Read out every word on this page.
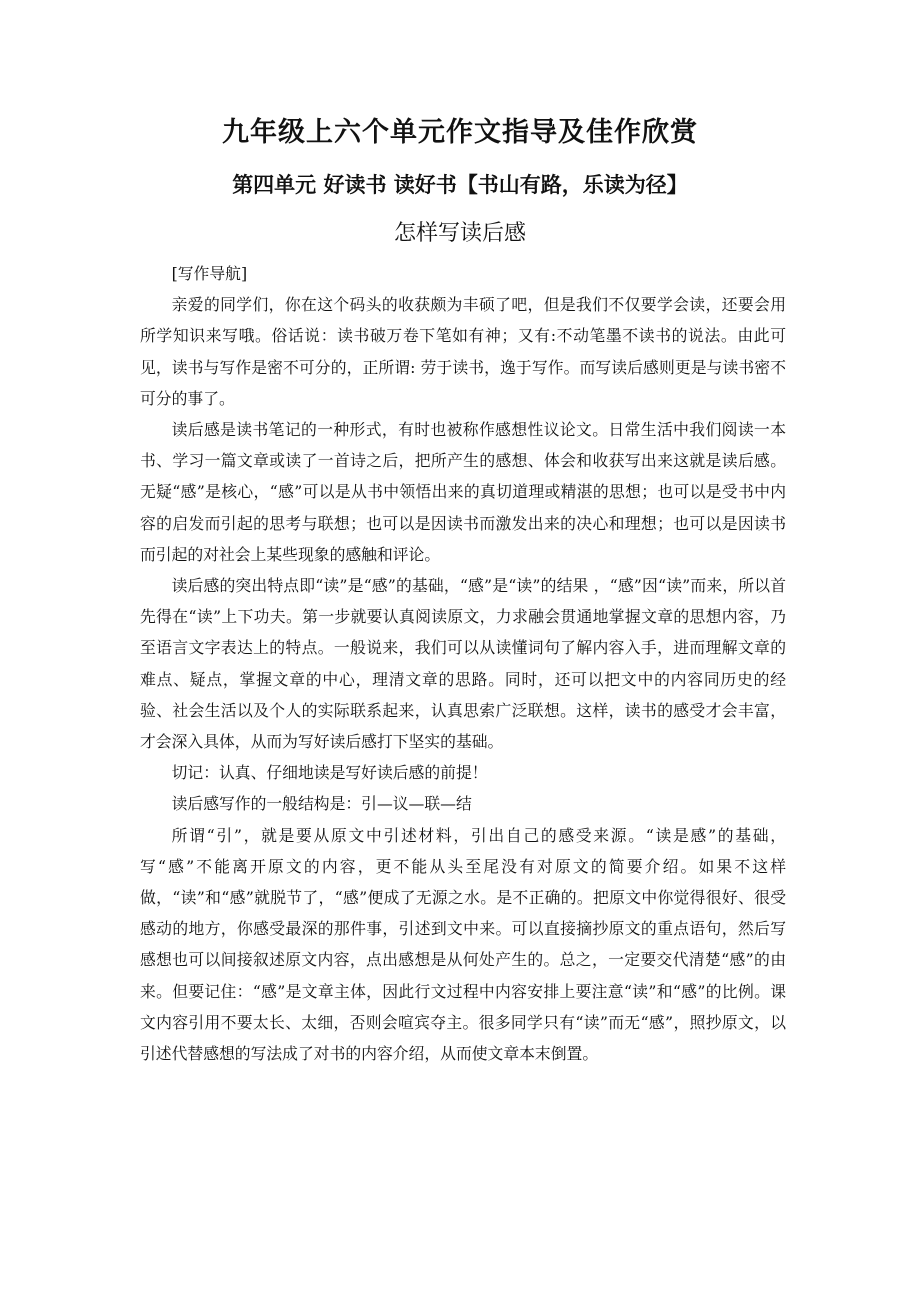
九年级上六个单元作文指导及佳作欣赏
第四单元 好读书 读好书【书山有路，乐读为径】
怎样写读后感

[写作导航]

亲爱的同学们，你在这个码头的收获颇为丰硕了吧，但是我们不仅要学会读，还要会用所学知识来写哦。俗话说：读书破万卷下笔如有神；又有:不动笔墨不读书的说法。由此可见，读书与写作是密不可分的，正所谓: 劳于读书，逸于写作。而写读后感则更是与读书密不可分的事了。

读后感是读书笔记的一种形式，有时也被称作感想性议论文。日常生活中我们阅读一本书、学习一篇文章或读了一首诗之后，把所产生的感想、体会和收获写出来这就是读后感。无疑“感”是核心，“感”可以是从书中领悟出来的真切道理或精湛的思想；也可以是受书中内容的启发而引起的思考与联想；也可以是因读书而激发出来的决心和理想；也可以是因读书而引起的对社会上某些现象的感触和评论。

读后感的突出特点即“读”是“感”的基础，“感”是“读”的结果 ，“感”因“读”而来，所以首先得在“读”上下功夫。第一步就要认真阅读原文，力求融会贯通地掌握文章的思想内容，乃至语言文字表达上的特点。一般说来，我们可以从读懂词句了解内容入手，进而理解文章的难点、疑点，掌握文章的中心，理清文章的思路。同时，还可以把文中的内容同历史的经验、社会生活以及个人的实际联系起来，认真思索广泛联想。这样，读书的感受才会丰富，才会深入具体，从而为写好读后感打下坚实的基础。

切记：认真、仔细地读是写好读后感的前提！

读后感写作的一般结构是：引—议—联—结

所谓“引”，就是要从原文中引述材料，引出自己的感受来源。“读是感”的基础，写“感”不能离开原文的内容，更不能从头至尾没有对原文的简要介绍。如果不这样做，“读”和“感”就脱节了，“感”便成了无源之水。是不正确的。把原文中你觉得很好、很受感动的地方，你感受最深的那件事，引述到文中来。可以直接摘抄原文的重点语句，然后写感想也可以间接叙述原文内容，点出感想是从何处产生的。总之，一定要交代清楚“感”的由来。但要记住：“感”是文章主体，因此行文过程中内容安排上要注意“读”和“感”的比例。课文内容引用不要太长、太细，否则会喧宾夺主。很多同学只有“读”而无“感”，照抄原文，以引述代替感想的写法成了对书的内容介绍，从而使文章本末倒置。
